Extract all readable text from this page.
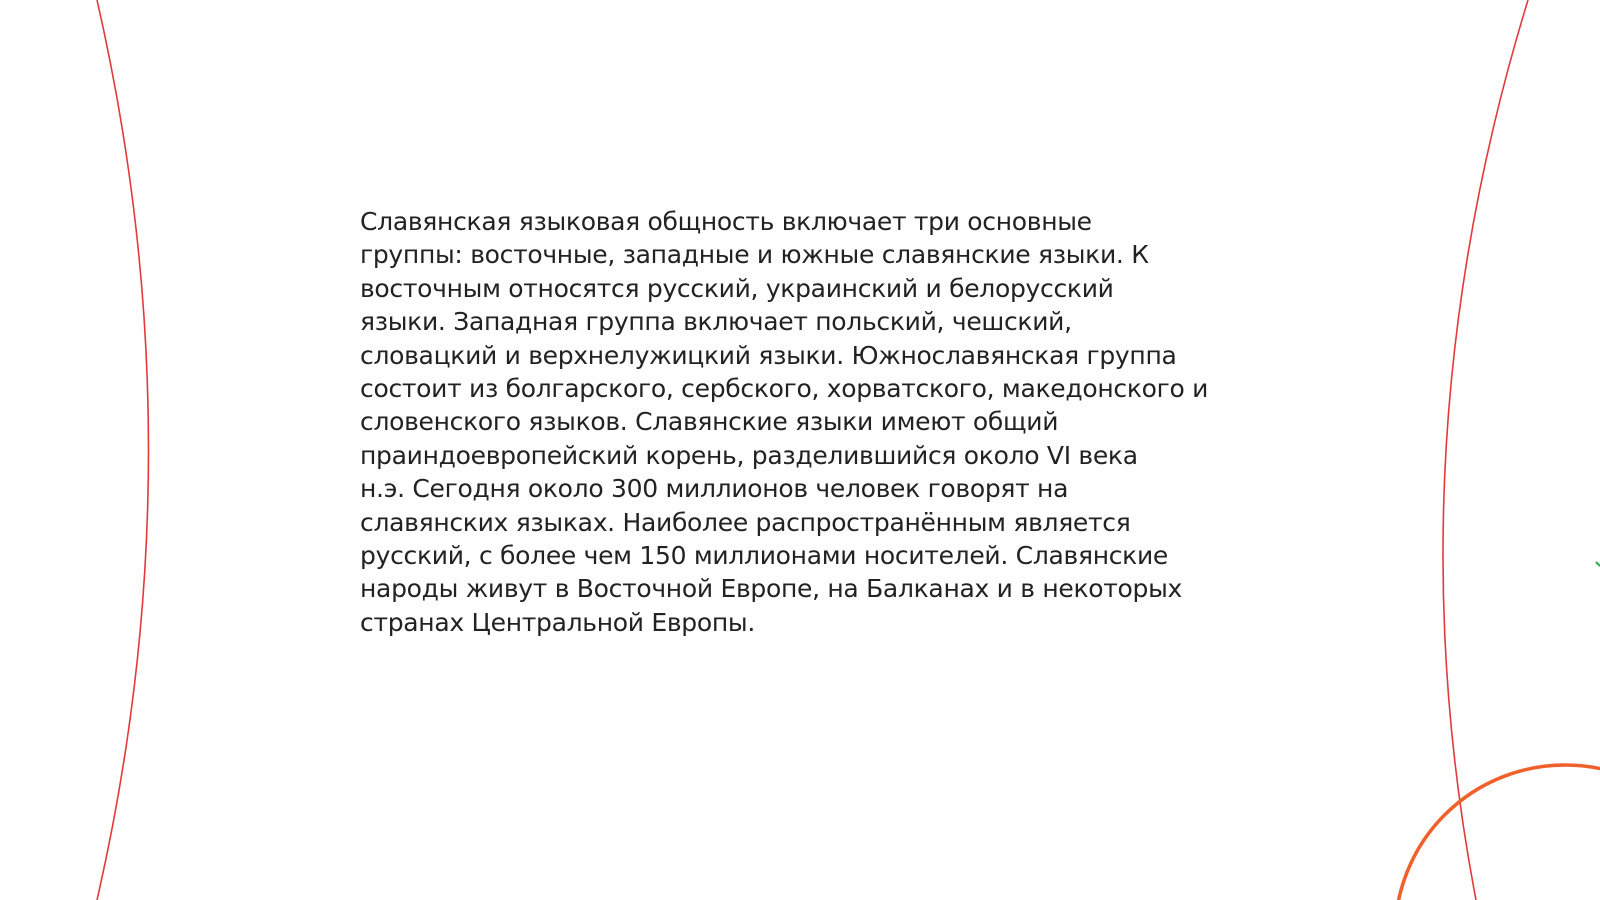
Славянская языковая общность включает три основные
группы: восточные, западные и южные славянские языки. К
восточным относятся русский, украинский и белорусский
языки. Западная группа включает польский, чешский,
словацкий и верхнелужицкий языки. Южнославянская группа
состоит из болгарского, сербского, хорватского, македонского и
словенского языков. Славянские языки имеют общий
праиндоевропейский корень, разделившийся около VI века
н.э. Сегодня около 300 миллионов человек говорят на
славянских языках. Наиболее распространённым является
русский, с более чем 150 миллионами носителей. Славянские
народы живут в Восточной Европе, на Балканах и в некоторых
странах Центральной Европы.
